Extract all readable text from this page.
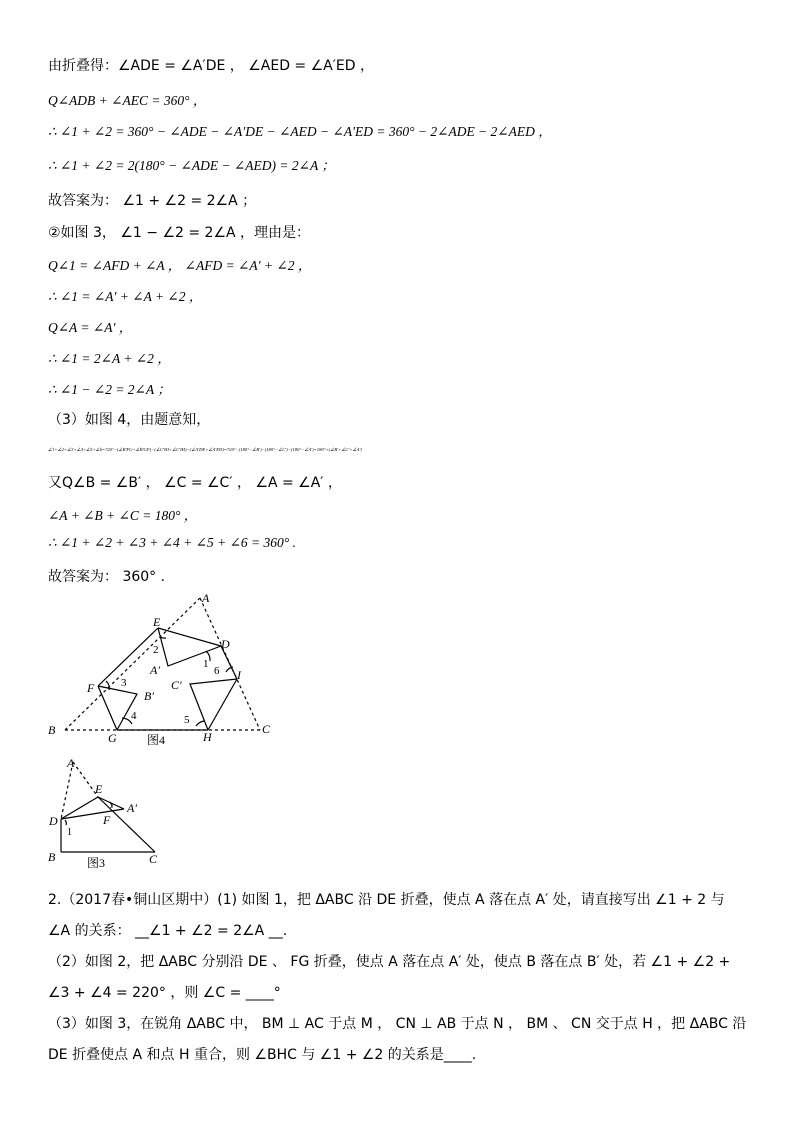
由折叠得：∠ADE = ∠A′DE ， ∠AED = ∠A′ED ，
Q∠ADB + ∠AEC = 360° ，
∴ ∠1 + ∠2 = 360° − ∠ADE − ∠A′DE − ∠AED − ∠A′ED = 360° − 2∠ADE − 2∠AED ，
∴ ∠1 + ∠2 = 2(180° − ∠ADE − ∠AED) = 2∠A ；
故答案为： ∠1 + ∠2 = 2∠A ；
②如图 3， ∠1 − ∠2 = 2∠A ，理由是：
Q∠1 = ∠AFD + ∠A ， ∠AFD = ∠A′ + ∠2 ，
∴ ∠1 = ∠A′ + ∠A + ∠2 ，
Q∠A = ∠A′ ，
∴ ∠1 = 2∠A + ∠2 ，
∴ ∠1 − ∠2 = 2∠A ；
（3）如图 4，由题意知，
∠1+∠2+∠3+∠4+∠5+∠6=720°−(∠B′FG+∠B′GF)−(∠C′HI+∠C′IH)−(∠A′DE+∠A′ED)=720°−(180°−∠B′)−(180°−∠C′)−(180°−∠A′)=180°+(∠B′+∠C′+∠A′)
又Q∠B = ∠B′ ， ∠C = ∠C′ ， ∠A = ∠A′ ，
∠A + ∠B + ∠C = 180° ，
∴ ∠1 + ∠2 + ∠3 + ∠4 + ∠5 + ∠6 = 360° .
故答案为： 360° .
A
B	C
D
E
F
G	H
I
A′
B′
C′
1
2
3
4	5
6
图4
A
B	C
D
E
F
A′
1
2
图3
2.（2017春•铜山区期中）(1) 如图 1，把 ΔABC 沿 DE 折叠，使点 A 落在点 A′ 处，请直接写出 ∠1 + 2 与 ∠A 的关系： __∠1 + ∠2 = 2∠A __.
（2）如图 2，把 ΔABC 分别沿 DE 、 FG 折叠，使点 A 落在点 A′ 处，使点 B 落在点 B′ 处，若 ∠1 + ∠2 + ∠3 + ∠4 = 220° ，则 ∠C = ____°
（3）如图 3，在锐角 ΔABC 中， BM ⊥ AC 于点 M ， CN ⊥ AB 于点 N ， BM 、 CN 交于点 H ，把 ΔABC 沿 DE 折叠使点 A 和点 H 重合，则 ∠BHC 与 ∠1 + ∠2 的关系是____.
